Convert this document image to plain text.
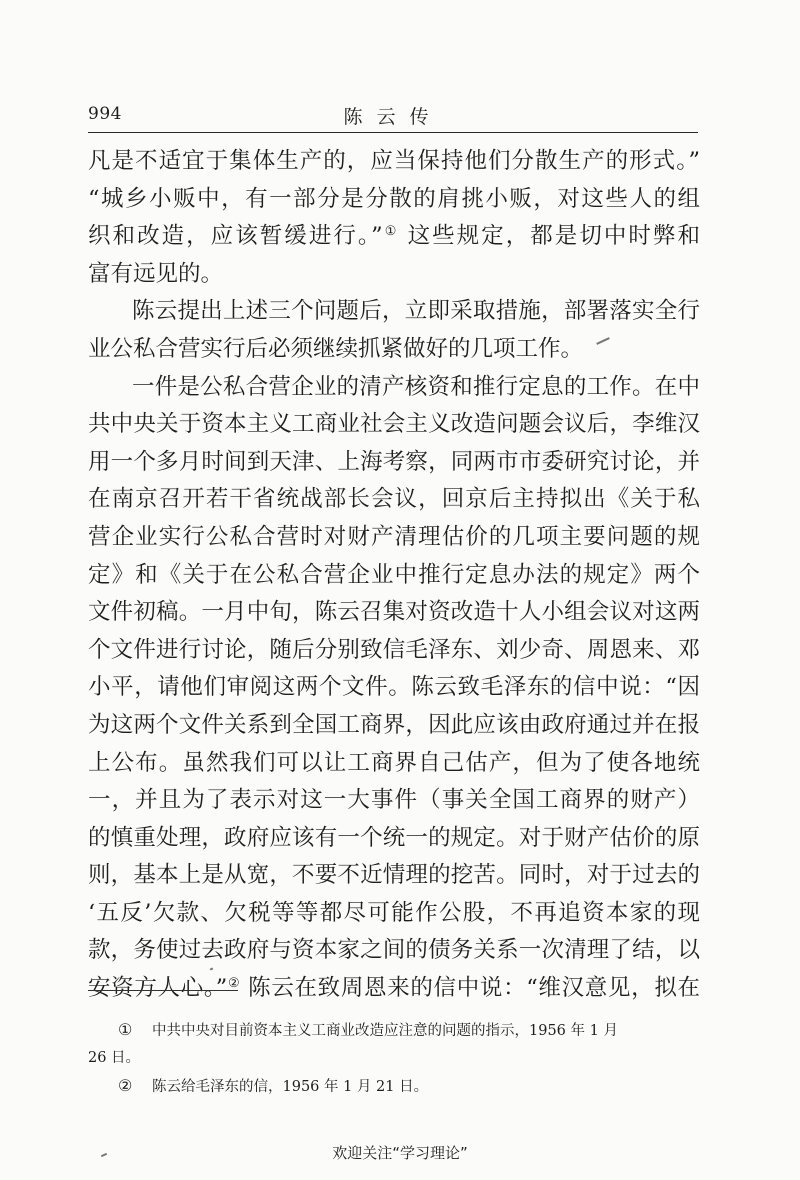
994	陈云传
凡是不适宜于集体生产的，应当保持他们分散生产的形式。”
“城乡小贩中，有一部分是分散的肩挑小贩，对这些人的组
织和改造，应该暂缓进行。”① 这些规定，都是切中时弊和
富有远见的。
陈云提出上述三个问题后，立即采取措施，部署落实全行
业公私合营实行后必须继续抓紧做好的几项工作。
一件是公私合营企业的清产核资和推行定息的工作。在中
共中央关于资本主义工商业社会主义改造问题会议后，李维汉
用一个多月时间到天津、上海考察，同两市市委研究讨论，并
在南京召开若干省统战部长会议，回京后主持拟出《关于私
营企业实行公私合营时对财产清理估价的几项主要问题的规
定》和《关于在公私合营企业中推行定息办法的规定》两个
文件初稿。一月中旬，陈云召集对资改造十人小组会议对这两
个文件进行讨论，随后分别致信毛泽东、刘少奇、周恩来、邓
小平，请他们审阅这两个文件。陈云致毛泽东的信中说：“因
为这两个文件关系到全国工商界，因此应该由政府通过并在报
上公布。虽然我们可以让工商界自己估产，但为了使各地统
一，并且为了表示对这一大事件（事关全国工商界的财产）
的慎重处理，政府应该有一个统一的规定。对于财产估价的原
则，基本上是从宽，不要不近情理的挖苦。同时，对于过去的
‘五反’欠款、欠税等等都尽可能作公股，不再追资本家的现
款，务使过去政府与资本家之间的债务关系一次清理了结，以
安资方人心。”② 陈云在致周恩来的信中说：“维汉意见，拟在
① 中共中央对目前资本主义工商业改造应注意的问题的指示，1956 年 1 月
26 日。
② 陈云给毛泽东的信，1956 年 1 月 21 日。
欢迎关注“学习理论”
